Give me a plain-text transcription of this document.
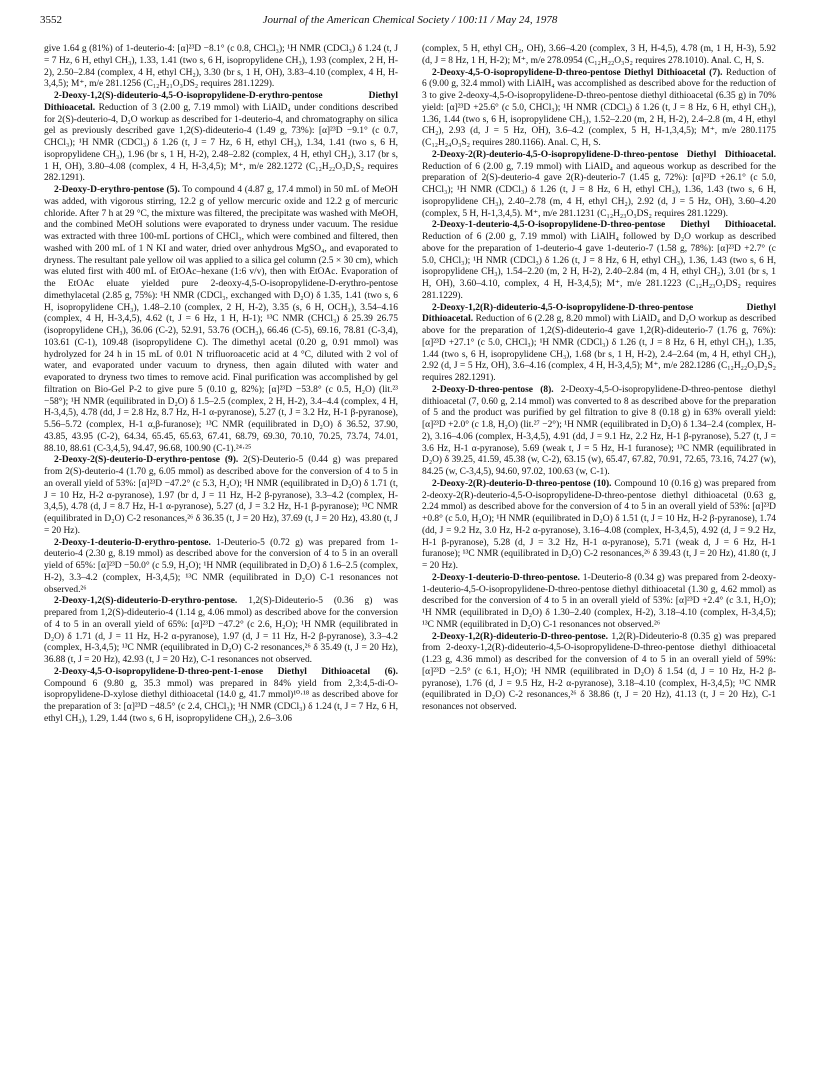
3552	Journal of the American Chemical Society / 100:11 / May 24, 1978

give 1.64 g (81%) of 1-deuterio-4: [α]²³D −8.1° (c 0.8, CHCl₃); ¹H NMR (CDCl₃) δ 1.24 (t, J = 7 Hz, 6 H, ethyl CH₃), 1.33, 1.41 (two s, 6 H, isopropylidene CH₃), 1.93 (complex, 2 H, H-2), 2.50–2.84 (complex, 4 H, ethyl CH₂), 3.30 (br s, 1 H, OH), 3.83–4.10 (complex, 4 H, H-3,4,5); M⁺, m/e 281.1256 (C₁₂H₂₁O₃DS₂ requires 281.1229).

2-Deoxy-1,2(S)-dideuterio-4,5-O-isopropylidene-D-erythro-pentose Diethyl Dithioacetal. Reduction of 3 (2.00 g, 7.19 mmol) with LiAlD₄ under conditions described for 2(S)-deuterio-4, D₂O workup as described for 1-deuterio-4, and chromatography on silica gel as previously described gave 1,2(S)-dideuterio-4 (1.49 g, 73%): [α]²³D −9.1° (c 0.7, CHCl₃); ¹H NMR (CDCl₃) δ 1.26 (t, J = 7 Hz, 6 H, ethyl CH₃), 1.34, 1.41 (two s, 6 H, isopropylidene CH₃), 1.96 (br s, 1 H, H-2), 2.48–2.82 (complex, 4 H, ethyl CH₂), 3.17 (br s, 1 H, OH), 3.80–4.08 (complex, 4 H, H-3,4,5); M⁺, m/e 282.1272 (C₁₂H₂₂O₃D₂S₂ requires 282.1291).

2-Deoxy-D-erythro-pentose (5). To compound 4 (4.87 g, 17.4 mmol) in 50 mL of MeOH was added, with vigorous stirring, 12.2 g of yellow mercuric oxide and 12.2 g of mercuric chloride. After 7 h at 29 °C, the mixture was filtered, the precipitate was washed with MeOH, and the combined MeOH solutions were evaporated to dryness under vacuum. The residue was extracted with three 100-mL portions of CHCl₃, which were combined and filtered, then washed with 200 mL of 1 N KI and water, dried over anhydrous MgSO₄, and evaporated to dryness. The resultant pale yellow oil was applied to a silica gel column (2.5 × 30 cm), which was eluted first with 400 mL of EtOAc–hexane (1:6 v/v), then with EtOAc. Evaporation of the EtOAc eluate yielded pure 2-deoxy-4,5-O-isopropylidene-D-erythro-pentose dimethylacetal (2.85 g, 75%): ¹H NMR (CDCl₃, exchanged with D₂O) δ 1.35, 1.41 (two s, 6 H, isopropylidene CH₃), 1.48–2.10 (complex, 2 H, H-2), 3.35 (s, 6 H, OCH₃), 3.54–4.16 (complex, 4 H, H-3,4,5), 4.62 (t, J = 6 Hz, 1 H, H-1); ¹³C NMR (CHCl₃) δ 25.39 26.75 (isopropylidene CH₃), 36.06 (C-2), 52.91, 53.76 (OCH₃), 66.46 (C-5), 69.16, 78.81 (C-3,4), 103.61 (C-1), 109.48 (isopropylidene C). The dimethyl acetal (0.20 g, 0.91 mmol) was hydrolyzed for 24 h in 15 mL of 0.01 N trifluoroacetic acid at 4 °C, diluted with 2 vol of water, and evaporated under vacuum to dryness, then again diluted with water and evaporated to dryness two times to remove acid. Final purification was accomplished by gel filtration on Bio-Gel P-2 to give pure 5 (0.10 g, 82%); [α]²³D −53.8° (c 0.5, H₂O) (lit.²³ −58°); ¹H NMR (equilibrated in D₂O) δ 1.5–2.5 (complex, 2 H, H-2), 3.4–4.4 (complex, 4 H, H-3,4,5), 4.78 (dd, J = 2.8 Hz, 8.7 Hz, H-1 α-pyranose), 5.27 (t, J = 3.2 Hz, H-1 β-pyranose), 5.56–5.72 (complex, H-1 α,β-furanose); ¹³C NMR (equilibrated in D₂O) δ 36.52, 37.90, 43.85, 43.95 (C-2), 64.34, 65.45, 65.63, 67.41, 68.79, 69.30, 70.10, 70.25, 73.74, 74.01, 88.10, 88.61 (C-3,4,5), 94.47, 96.68, 100.90 (C-1).²⁴·²⁵

2-Deoxy-2(S)-deuterio-D-erythro-pentose (9). 2(S)-Deuterio-5 (0.44 g) was prepared from 2(S)-deuterio-4 (1.70 g, 6.05 mmol) as described above for the conversion of 4 to 5 in an overall yield of 53%: [α]²³D −47.2° (c 5.3, H₂O); ¹H NMR (equilibrated in D₂O) δ 1.71 (t, J = 10 Hz, H-2 α-pyranose), 1.97 (br d, J = 11 Hz, H-2 β-pyranose), 3.3–4.2 (complex, H-3,4,5), 4.78 (d, J = 8.7 Hz, H-1 α-pyranose), 5.27 (d, J = 3.2 Hz, H-1 β-pyranose); ¹³C NMR (equilibrated in D₂O) C-2 resonances,²⁶ δ 36.35 (t, J = 20 Hz), 37.69 (t, J = 20 Hz), 43.80 (t, J = 20 Hz).

2-Deoxy-1-deuterio-D-erythro-pentose. 1-Deuterio-5 (0.72 g) was prepared from 1-deuterio-4 (2.30 g, 8.19 mmol) as described above for the conversion of 4 to 5 in an overall yield of 65%: [α]²³D −50.0° (c 5.9, H₂O); ¹H NMR (equilibrated in D₂O) δ 1.6–2.5 (complex, H-2), 3.3–4.2 (complex, H-3,4,5); ¹³C NMR (equilibrated in D₂O) C-1 resonances not observed.²⁶

2-Deoxy-1,2(S)-dideuterio-D-erythro-pentose. 1,2(S)-Dideuterio-5 (0.36 g) was prepared from 1,2(S)-dideuterio-4 (1.14 g, 4.06 mmol) as described above for the conversion of 4 to 5 in an overall yield of 65%: [α]²³D −47.2° (c 2.6, H₂O); ¹H NMR (equilibrated in D₂O) δ 1.71 (d, J = 11 Hz, H-2 α-pyranose), 1.97 (d, J = 11 Hz, H-2 β-pyranose), 3.3–4.2 (complex, H-3,4,5); ¹³C NMR (equilibrated in D₂O) C-2 resonances,²⁶ δ 35.49 (t, J = 20 Hz), 36.88 (t, J = 20 Hz), 42.93 (t, J = 20 Hz), C-1 resonances not observed.

2-Deoxy-4,5-O-isopropylidene-D-threo-pent-1-enose Diethyl Dithioacetal (6). Compound 6 (9.80 g, 35.3 mmol) was prepared in 84% yield from 2,3:4,5-di-O-isopropylidene-D-xylose diethyl dithioacetal (14.0 g, 41.7 mmol)¹⁰·¹⁸ as described above for the preparation of 3: [α]²³D −48.5° (c 2.4, CHCl₃); ¹H NMR (CDCl₃) δ 1.24 (t, J = 7 Hz, 6 H, ethyl CH₃), 1.29, 1.44 (two s, 6 H, isopropylidene CH₃), 2.6–3.06

(complex, 5 H, ethyl CH₂, OH), 3.66–4.20 (complex, 3 H, H-4,5), 4.78 (m, 1 H, H-3), 5.92 (d, J = 8 Hz, 1 H, H-2); M⁺, m/e 278.0954 (C₁₂H₂₂O₃S₂ requires 278.1010). Anal. C, H, S.

2-Deoxy-4,5-O-isopropylidene-D-threo-pentose Diethyl Dithioacetal (7). Reduction of 6 (9.00 g, 32.4 mmol) with LiAlH₄ was accomplished as described above for the reduction of 3 to give 2-deoxy-4,5-O-isopropylidene-D-threo-pentose diethyl dithioacetal (6.35 g) in 70% yield: [α]²³D +25.6° (c 5.0, CHCl₃); ¹H NMR (CDCl₃) δ 1.26 (t, J = 8 Hz, 6 H, ethyl CH₃), 1.36, 1.44 (two s, 6 H, isopropylidene CH₃), 1.52–2.20 (m, 2 H, H-2), 2.4–2.8 (m, 4 H, ethyl CH₂), 2.93 (d, J = 5 Hz, OH), 3.6–4.2 (complex, 5 H, H-1,3,4,5); M⁺, m/e 280.1175 (C₁₂H₂₄O₃S₂ requires 280.1166). Anal. C, H, S.

2-Deoxy-2(R)-deuterio-4,5-O-isopropylidene-D-threo-pentose Diethyl Dithioacetal. Reduction of 6 (2.00 g, 7.19 mmol) with LiAlD₄ and aqueous workup as described for the preparation of 2(S)-deuterio-4 gave 2(R)-deuterio-7 (1.45 g, 72%): [α]²³D +26.1° (c 5.0, CHCl₃); ¹H NMR (CDCl₃) δ 1.26 (t, J = 8 Hz, 6 H, ethyl CH₃), 1.36, 1.43 (two s, 6 H, isopropylidene CH₃), 2.40–2.78 (m, 4 H, ethyl CH₂), 2.92 (d, J = 5 Hz, OH), 3.60–4.20 (complex, 5 H, H-1,3,4,5). M⁺, m/e 281.1231 (C₁₂H₂₃O₃DS₂ requires 281.1229).

2-Deoxy-1-deuterio-4,5-O-isopropylidene-D-threo-pentose Diethyl Dithioacetal. Reduction of 6 (2.00 g, 7.19 mmol) with LiAlH₄ followed by D₂O workup as described above for the preparation of 1-deuterio-4 gave 1-deuterio-7 (1.58 g, 78%): [α]²³D +2.7° (c 5.0, CHCl₃); ¹H NMR (CDCl₃) δ 1.26 (t, J = 8 Hz, 6 H, ethyl CH₃), 1.36, 1.43 (two s, 6 H, isopropylidene CH₃), 1.54–2.20 (m, 2 H, H-2), 2.40–2.84 (m, 4 H, ethyl CH₂), 3.01 (br s, 1 H, OH), 3.60–4.10, complex, 4 H, H-3,4,5); M⁺, m/e 281.1223 (C₁₂H₂₃O₃DS₂ requires 281.1229).

2-Deoxy-1,2(R)-dideuterio-4,5-O-isopropylidene-D-threo-pentose Diethyl Dithioacetal. Reduction of 6 (2.28 g, 8.20 mmol) with LiAlD₄ and D₂O workup as described above for the preparation of 1,2(S)-dideuterio-4 gave 1,2(R)-dideuterio-7 (1.76 g, 76%): [α]²³D +27.1° (c 5.0, CHCl₃); ¹H NMR (CDCl₃) δ 1.26 (t, J = 8 Hz, 6 H, ethyl CH₃), 1.35, 1.44 (two s, 6 H, isopropylidene CH₃), 1.68 (br s, 1 H, H-2), 2.4–2.64 (m, 4 H, ethyl CH₂), 2.92 (d, J = 5 Hz, OH), 3.6–4.16 (complex, 4 H, H-3,4,5); M⁺, m/e 282.1286 (C₁₂H₂₂O₃D₂S₂ requires 282.1291).

2-Deoxy-D-threo-pentose (8). 2-Deoxy-4,5-O-isopropylidene-D-threo-pentose diethyl dithioacetal (7, 0.60 g, 2.14 mmol) was converted to 8 as described above for the preparation of 5 and the product was purified by gel filtration to give 8 (0.18 g) in 63% overall yield: [α]²³D +2.0° (c 1.8, H₂O) (lit.²⁷ −2°); ¹H NMR (equilibrated in D₂O) δ 1.34–2.4 (complex, H-2), 3.16–4.06 (complex, H-3,4,5), 4.91 (dd, J = 9.1 Hz, 2.2 Hz, H-1 β-pyranose), 5.27 (t, J = 3.6 Hz, H-1 α-pyranose), 5.69 (weak t, J = 5 Hz, H-1 furanose); ¹³C NMR (equilibrated in D₂O) δ 39.25, 41.59, 45.38 (w, C-2), 63.15 (w), 65.47, 67.82, 70.91, 72.65, 73.16, 74.27 (w), 84.25 (w, C-3,4,5), 94.60, 97.02, 100.63 (w, C-1).

2-Deoxy-2(R)-deuterio-D-threo-pentose (10). Compound 10 (0.16 g) was prepared from 2-deoxy-2(R)-deuterio-4,5-O-isopropylidene-D-threo-pentose diethyl dithioacetal (0.63 g, 2.24 mmol) as described above for the conversion of 4 to 5 in an overall yield of 53%: [α]²³D +0.8° (c 5.0, H₂O); ¹H NMR (equilibrated in D₂O) δ 1.51 (t, J = 10 Hz, H-2 β-pyranose), 1.74 (dd, J = 9.2 Hz, 3.0 Hz, H-2 α-pyranose), 3.16–4.08 (complex, H-3,4,5), 4.92 (d, J = 9.2 Hz, H-1 β-pyranose), 5.28 (d, J = 3.2 Hz, H-1 α-pyranose), 5.71 (weak d, J = 6 Hz, H-1 furanose); ¹³C NMR (equilibrated in D₂O) C-2 resonances,²⁶ δ 39.43 (t, J = 20 Hz), 41.80 (t, J = 20 Hz).

2-Deoxy-1-deuterio-D-threo-pentose. 1-Deuterio-8 (0.34 g) was prepared from 2-deoxy-1-deuterio-4,5-O-isopropylidene-D-threo-pentose diethyl dithioacetal (1.30 g, 4.62 mmol) as described for the conversion of 4 to 5 in an overall yield of 53%: [α]²³D +2.4° (c 3.1, H₂O); ¹H NMR (equilibrated in D₂O) δ 1.30–2.40 (complex, H-2), 3.18–4.10 (complex, H-3,4,5); ¹³C NMR (equilibrated in D₂O) C-1 resonances not observed.²⁶

2-Deoxy-1,2(R)-dideuterio-D-threo-pentose. 1,2(R)-Dideuterio-8 (0.35 g) was prepared from 2-deoxy-1,2(R)-dideuterio-4,5-O-isopropylidene-D-threo-pentose diethyl dithioacetal (1.23 g, 4.36 mmol) as described for the conversion of 4 to 5 in an overall yield of 59%: [α]²³D −2.5° (c 6.1, H₂O); ¹H NMR (equilibrated in D₂O) δ 1.54 (d, J = 10 Hz, H-2 β-pyranose), 1.76 (d, J = 9.5 Hz, H-2 α-pyranose), 3.18–4.10 (complex, H-3,4,5); ¹³C NMR (equilibrated in D₂O) C-2 resonances,²⁶ δ 38.86 (t, J = 20 Hz), 41.13 (t, J = 20 Hz), C-1 resonances not observed.
